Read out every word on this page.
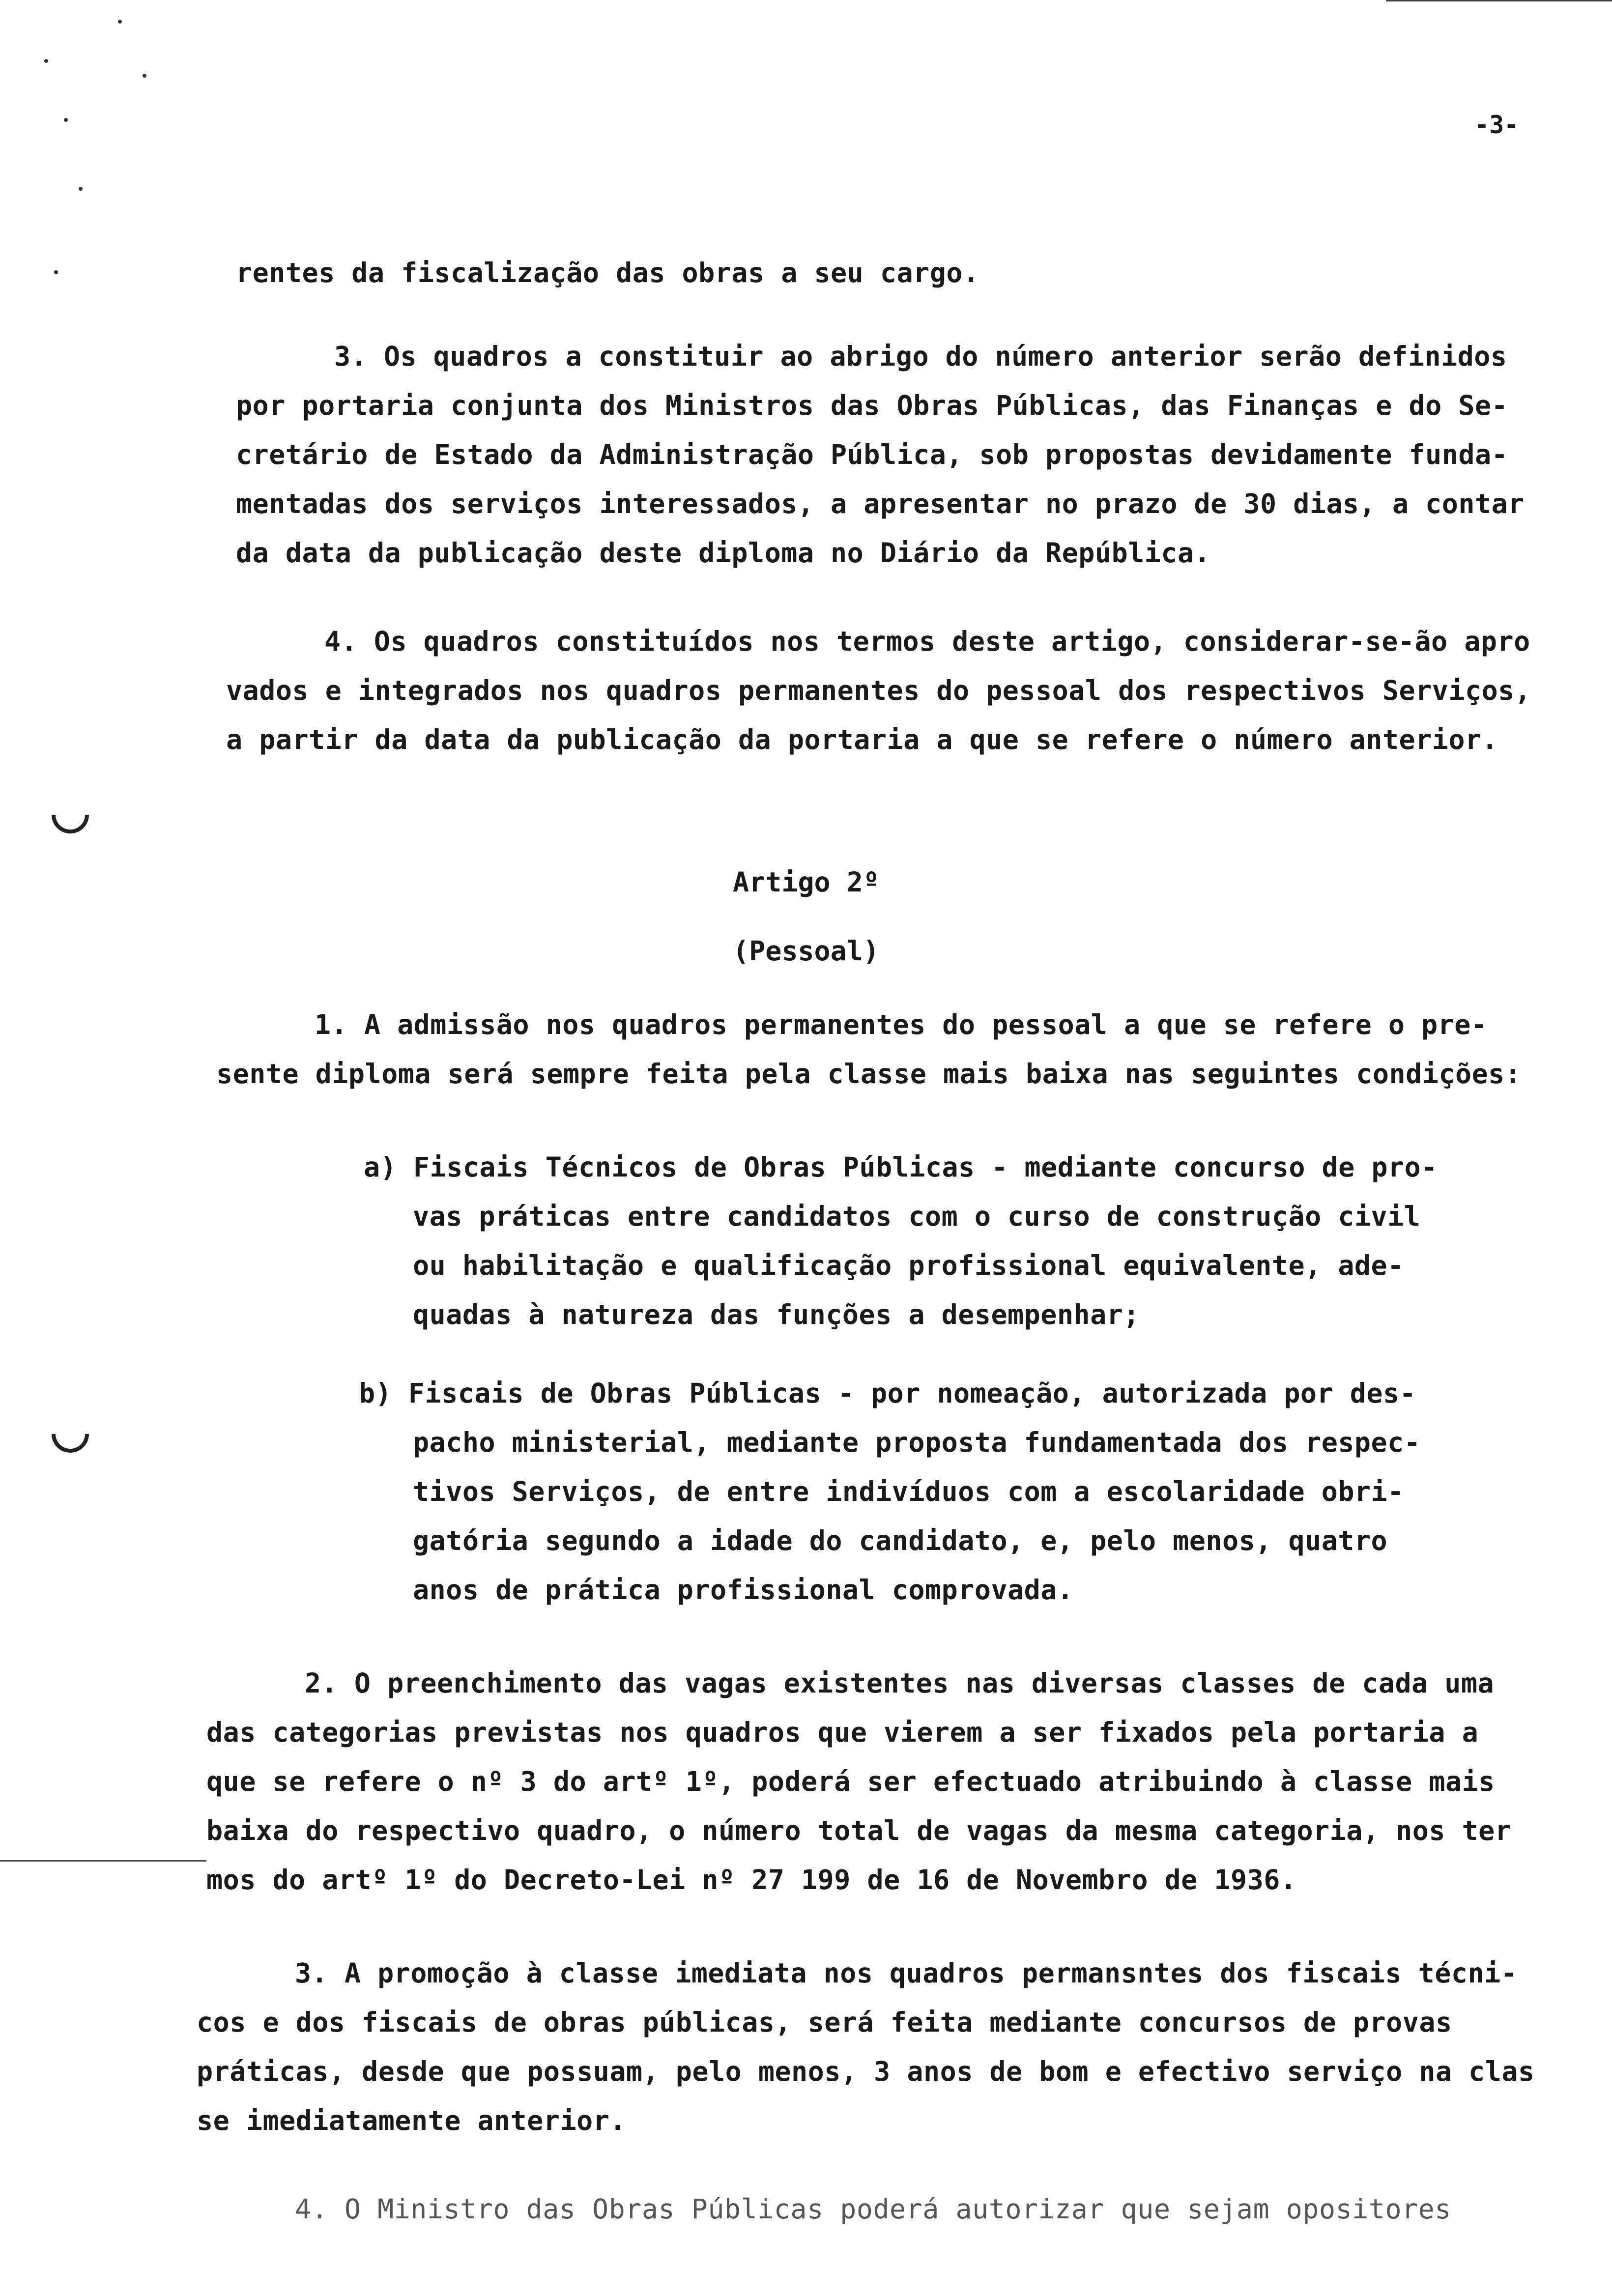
-3-
rentes da fiscalização das obras a seu cargo.
3. Os quadros a constituir ao abrigo do número anterior serão definidos
por portaria conjunta dos Ministros das Obras Públicas, das Finanças e do Se-
cretário de Estado da Administração Pública, sob propostas devidamente funda-
mentadas dos serviços interessados, a apresentar no prazo de 30 dias, a contar
da data da publicação deste diploma no Diário da República.
4. Os quadros constituídos nos termos deste artigo, considerar-se-ão apro
vados e integrados nos quadros permanentes do pessoal dos respectivos Serviços,
a partir da data da publicação da portaria a que se refere o número anterior.
Artigo 2º
(Pessoal)
1. A admissão nos quadros permanentes do pessoal a que se refere o pre-
sente diploma será sempre feita pela classe mais baixa nas seguintes condições:
a) Fiscais Técnicos de Obras Públicas - mediante concurso de pro-
vas práticas entre candidatos com o curso de construção civil
ou habilitação e qualificação profissional equivalente, ade-
quadas à natureza das funções a desempenhar;
b) Fiscais de Obras Públicas - por nomeação, autorizada por des-
pacho ministerial, mediante proposta fundamentada dos respec-
tivos Serviços, de entre indivíduos com a escolaridade obri-
gatória segundo a idade do candidato, e, pelo menos, quatro
anos de prática profissional comprovada.
2. O preenchimento das vagas existentes nas diversas classes de cada uma
das categorias previstas nos quadros que vierem a ser fixados pela portaria a
que se refere o nº 3 do artº 1º, poderá ser efectuado atribuindo à classe mais
baixa do respectivo quadro, o número total de vagas da mesma categoria, nos ter
mos do artº 1º do Decreto-Lei nº 27 199 de 16 de Novembro de 1936.
3. A promoção à classe imediata nos quadros permansntes dos fiscais técni-
cos e dos fiscais de obras públicas, será feita mediante concursos de provas
práticas, desde que possuam, pelo menos, 3 anos de bom e efectivo serviço na clas
se imediatamente anterior.
4. O Ministro das Obras Públicas poderá autorizar que sejam opositores
